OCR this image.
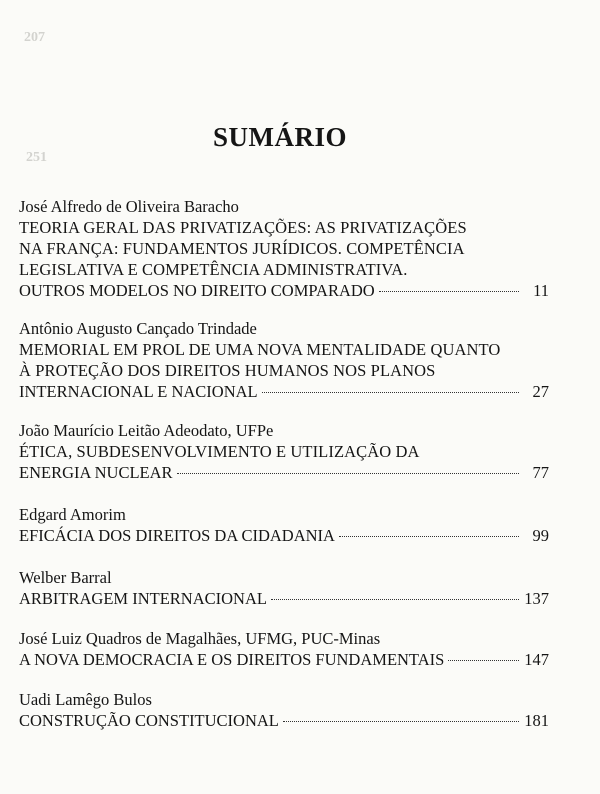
207
251
SUMÁRIO
José Alfredo de Oliveira Baracho
TEORIA GERAL DAS PRIVATIZAÇÕES: AS PRIVATIZAÇÕES
NA FRANÇA: FUNDAMENTOS JURÍDICOS. COMPETÊNCIA
LEGISLATIVA E COMPETÊNCIA ADMINISTRATIVA.
OUTROS MODELOS NO DIREITO COMPARADO	11
Antônio Augusto Cançado Trindade
MEMORIAL EM PROL DE UMA NOVA MENTALIDADE QUANTO
À PROTEÇÃO DOS DIREITOS HUMANOS NOS PLANOS
INTERNACIONAL E NACIONAL	27
João Maurício Leitão Adeodato, UFPe
ÉTICA, SUBDESENVOLVIMENTO E UTILIZAÇÃO DA
ENERGIA NUCLEAR	77
Edgard Amorim
EFICÁCIA DOS DIREITOS DA CIDADANIA	99
Welber Barral
ARBITRAGEM INTERNACIONAL	137
José Luiz Quadros de Magalhães, UFMG, PUC-Minas
A NOVA DEMOCRACIA E OS DIREITOS FUNDAMENTAIS	147
Uadi Lamêgo Bulos
CONSTRUÇÃO CONSTITUCIONAL	181
